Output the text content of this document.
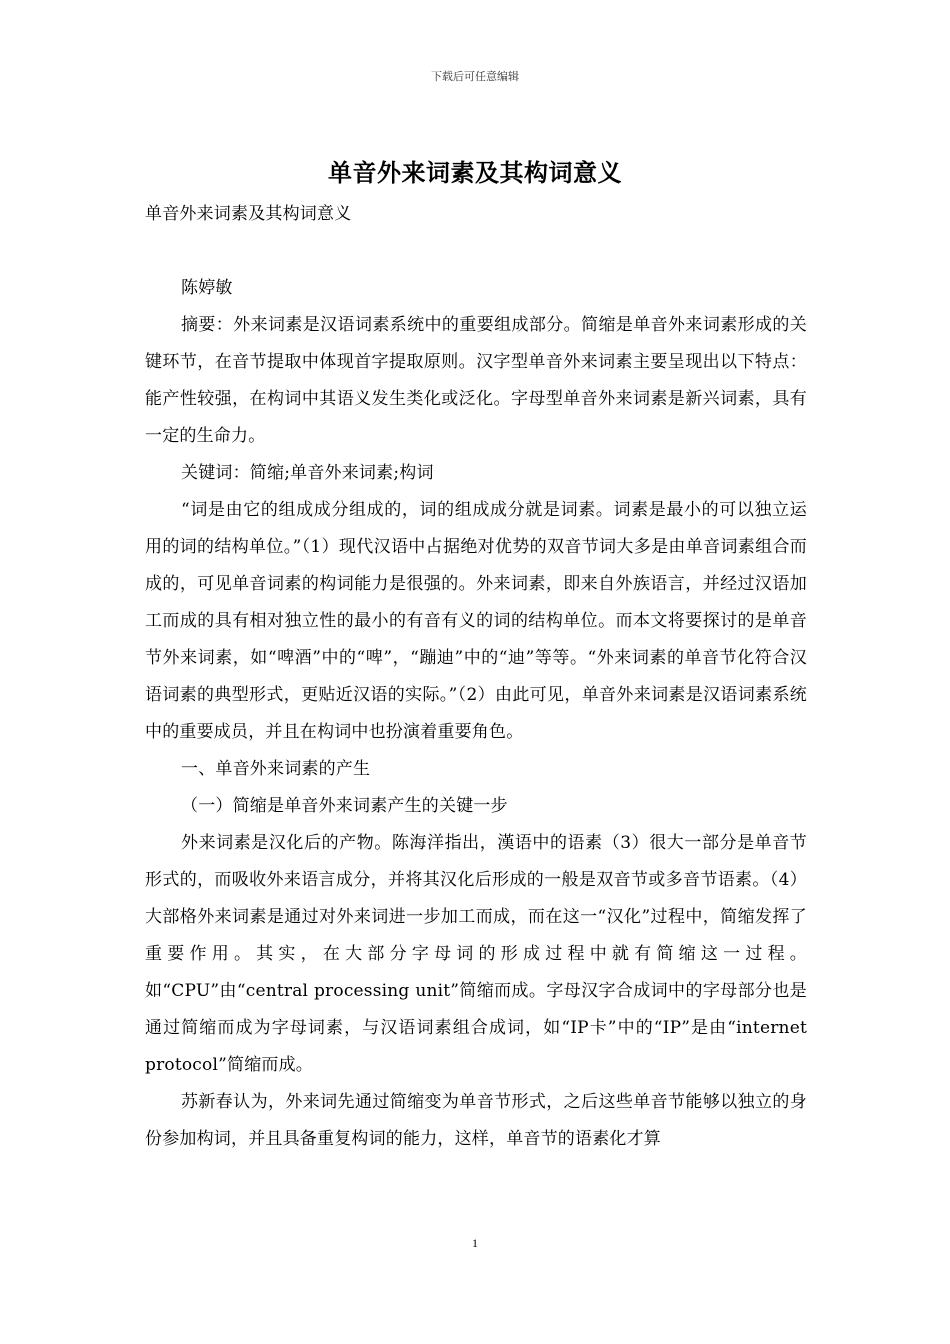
下载后可任意编辑
单音外来词素及其构词意义

单音外来词素及其构词意义

陈婷敏

摘要：外来词素是汉语词素系统中的重要组成部分。简缩是单音外来词素形成的关键环节，在音节提取中体现首字提取原则。汉字型单音外来词素主要呈现出以下特点：能产性较强，在构词中其语义发生类化或泛化。字母型单音外来词素是新兴词素，具有一定的生命力。

关键词：简缩;单音外来词素;构词

“词是由它的组成成分组成的，词的组成成分就是词素。词素是最小的可以独立运用的词的结构单位。”（1）现代汉语中占据绝对优势的双音节词大多是由单音词素组合而成的，可见单音词素的构词能力是很强的。外来词素，即来自外族语言，并经过汉语加工而成的具有相对独立性的最小的有音有义的词的结构单位。而本文将要探讨的是单音节外来词素，如“啤酒”中的“啤”，“蹦迪”中的“迪”等等。“外来词素的单音节化符合汉语词素的典型形式，更贴近汉语的实际。”（2）由此可见，单音外来词素是汉语词素系统中的重要成员，并且在构词中也扮演着重要角色。

一、单音外来词素的产生

（一）简缩是单音外来词素产生的关键一步

外来词素是汉化后的产物。陈海洋指出，漢语中的语素（3）很大一部分是单音节形式的，而吸收外来语言成分，并将其汉化后形成的一般是双音节或多音节语素。（4）大部格外来词素是通过对外来词进一步加工而成，而在这一“汉化”过程中，简缩发挥了重要作用。其实，在大部分字母词的形成过程中就有简缩这一过程。如“CPU”由“central processing unit”简缩而成。字母汉字合成词中的字母部分也是通过简缩而成为字母词素，与汉语词素组合成词，如“IP卡”中的“IP”是由“internet protocol”简缩而成。

苏新春认为，外来词先通过简缩变为单音节形式，之后这些单音节能够以独立的身份参加构词，并且具备重复构词的能力，这样，单音节的语素化才算

1
